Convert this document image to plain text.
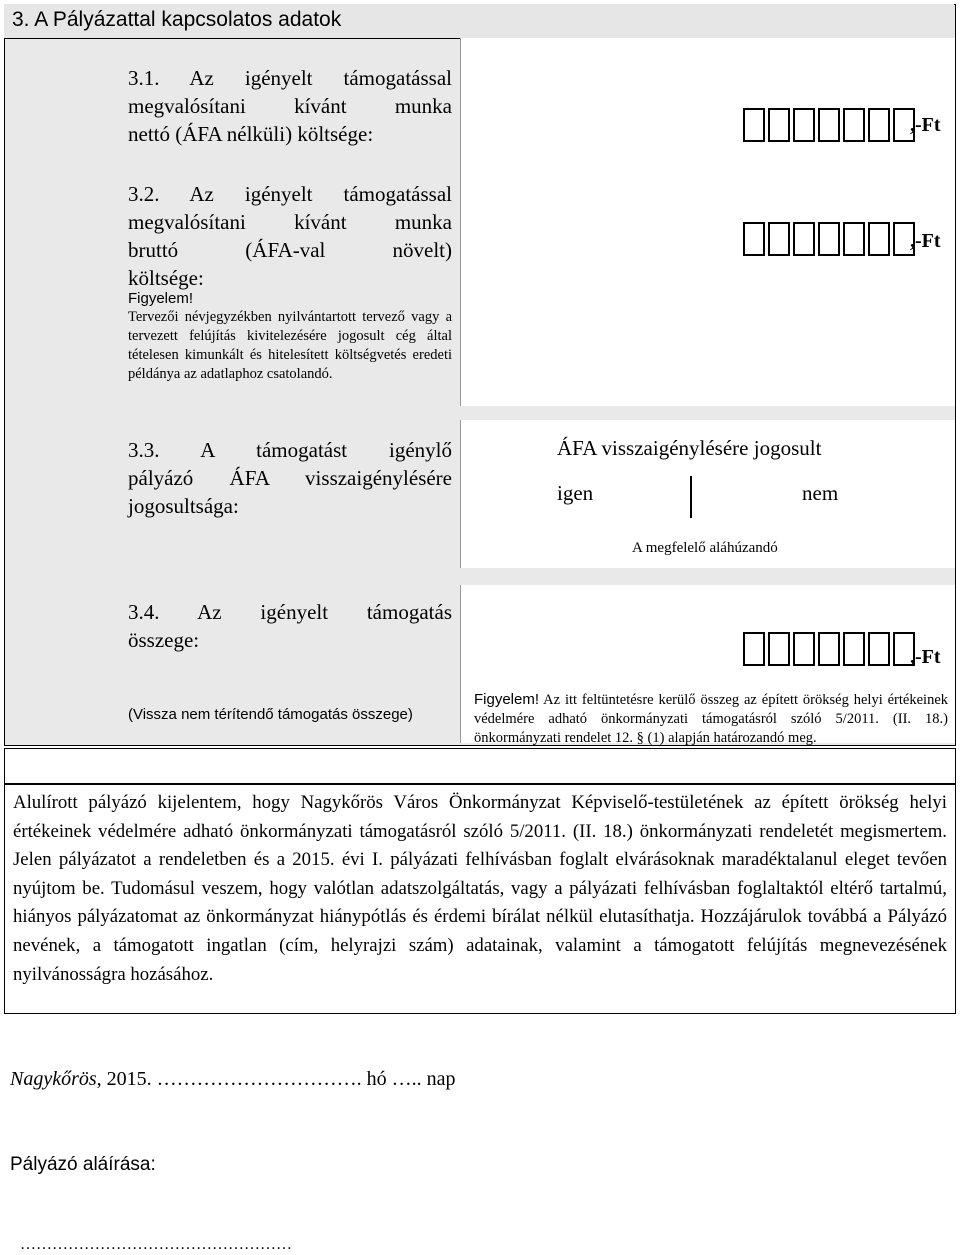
3. A Pályázattal kapcsolatos adatok
3.1. Az igényelt támogatással
megvalósítani kívánt munka
nettó (ÁFA nélküli) költsége:	,-Ft
3.2. Az igényelt támogatással
megvalósítani kívánt munka
bruttó (ÁFA-val növelt)
költsége:
Figyelem!
Tervezői névjegyzékben nyilvántartott tervező vagy a tervezett felújítás kivitelezésére jogosult cég által tételesen kimunkált és hitelesített költségvetés eredeti példánya az adatlaphoz csatolandó.
,-Ft
3.3. A támogatást igénylő
pályázó ÁFA visszaigénylésére
jogosultsága:
ÁFA visszaigénylésére jogosult
igen	nem
A megfelelő aláhúzandó
3.4. Az igényelt támogatás
összege:
(Vissza nem térítendő támogatás összege)
,-Ft
Figyelem! Az itt feltüntetésre kerülő összeg az épített örökség helyi értékeinek védelmére adható önkormányzati támogatásról szóló 5/2011. (II. 18.) önkormányzati rendelet 12. § (1) alapján határozandó meg.
Alulírott pályázó kijelentem, hogy Nagykőrös Város Önkormányzat Képviselő-testületének az épített örökség helyi értékeinek védelmére adható önkormányzati támogatásról szóló 5/2011. (II. 18.) önkormányzati rendeletét megismertem. Jelen pályázatot a rendeletben és a 2015. évi I. pályázati felhívásban foglalt elvárásoknak maradéktalanul eleget tevően nyújtom be. Tudomásul veszem, hogy valótlan adatszolgáltatás, vagy a pályázati felhívásban foglaltaktól eltérő tartalmú, hiányos pályázatomat az önkormányzat hiánypótlás és érdemi bírálat nélkül elutasíthatja. Hozzájárulok továbbá a Pályázó nevének, a támogatott ingatlan (cím, helyrajzi szám) adatainak, valamint a támogatott felújítás megnevezésének nyilvánosságra hozásához.
Nagykőrös, 2015. …………………………. hó ….. nap
Pályázó aláírása:
……………………………………………
